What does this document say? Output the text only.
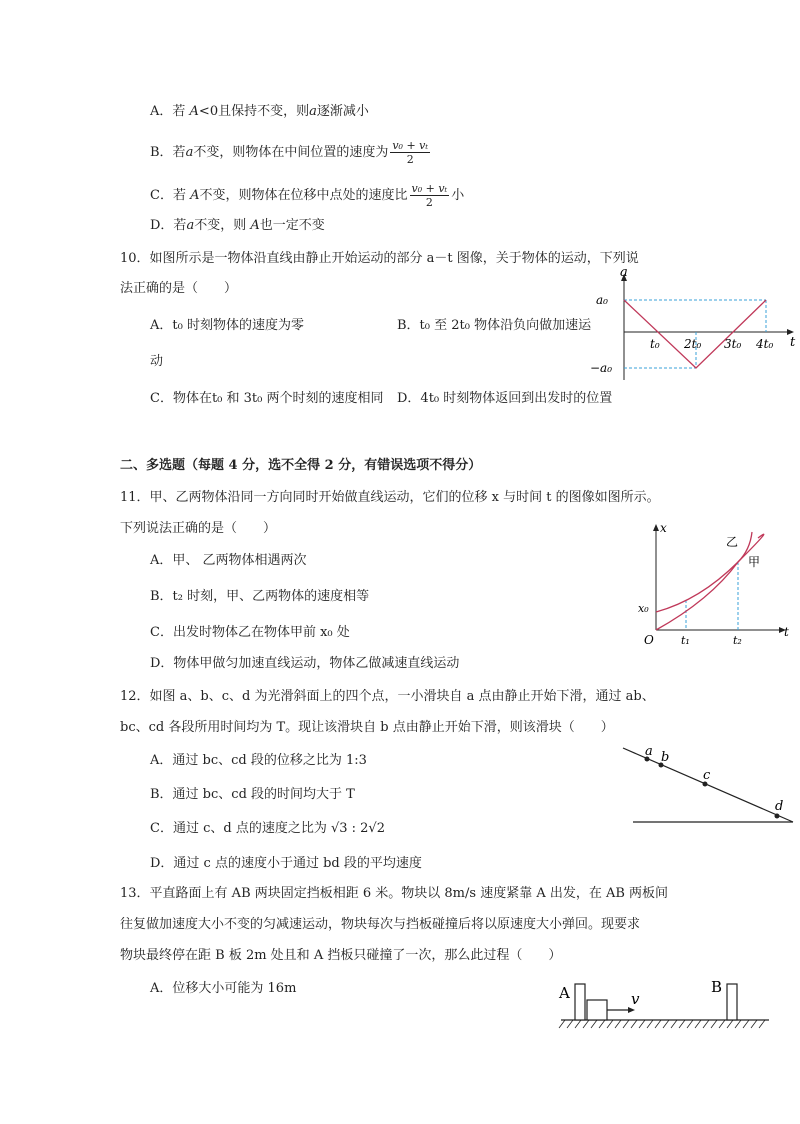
A．若 A<0且保持不变，则a逐渐减小
B．若a不变，则物体在中间位置的速度为 $\frac{\text{v₀ + vₜ}}{2}$
C．若 A不变，则物体在位移中点处的速度比 $\frac{\text{v₀ + vₜ}}{2}$ 小
D．若a不变，则 A也一定不变
10．如图所示是一物体沿直线由静止开始运动的部分 a－t 图像，关于物体的运动，下列说
法正确的是（　　）
A．t₀ 时刻物体的速度为零	B．t₀ 至 2t₀ 物体沿负向做加速运
动
C．物体在t₀ 和 3t₀ 两个时刻的速度相同 D．4t₀ 时刻物体返回到出发时的位置
a
t
a₀
−a₀
t₀ 2t₀ 3t₀ 4t₀
二、多选题（每题 4 分，选不全得 2 分，有错误选项不得分）
11．甲、乙两物体沿同一方向同时开始做直线运动，它们的位移 x 与时间 t 的图像如图所示。
下列说法正确的是（　　）
A．甲、 乙两物体相遇两次
B．t₂ 时刻，甲、乙两物体的速度相等
C．出发时物体乙在物体甲前 x₀ 处
D．物体甲做匀加速直线运动，物体乙做减速直线运动
x
t
O
x₀
t₁	t₂
乙
甲
12．如图 a、b、c、d 为光滑斜面上的四个点，一小滑块自 a 点由静止开始下滑，通过 ab、
bc、cd 各段所用时间均为 T。现让该滑块自 b 点由静止开始下滑，则该滑块（　　）
A．通过 bc、cd 段的位移之比为 1:3
B．通过 bc、cd 段的时间均大于 T
C．通过 c、d 点的速度之比为 √3 : 2√2
D．通过 c 点的速度小于通过 bd 段的平均速度
a b
c
d
13．平直路面上有 AB 两块固定挡板相距 6 米。物块以 8m/s 速度紧靠 A 出发，在 AB 两板间
往复做加速度大小不变的匀减速运动，物块每次与挡板碰撞后将以原速度大小弹回。现要求
物块最终停在距 B 板 2m 处且和 A 挡板只碰撞了一次，那么此过程（　　）
A．位移大小可能为 16m	A	B
v
